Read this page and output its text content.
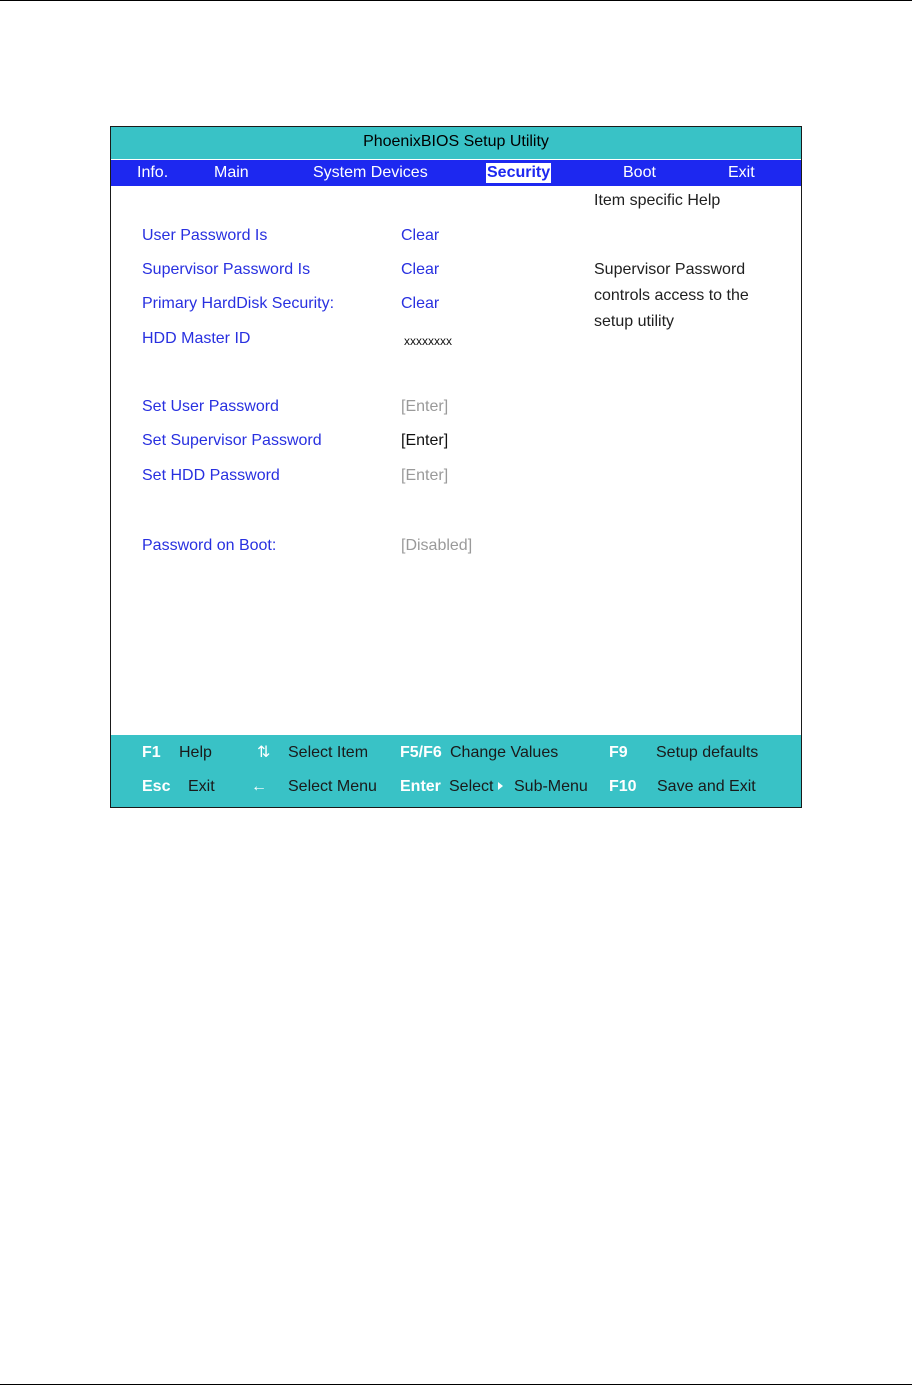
PhoenixBIOS Setup Utility
Info.	Main	System Devices	Security	Boot	Exit
User Password Is	Clear
Supervisor Password Is	Clear
Primary HardDisk Security:	Clear
HDD Master ID	xxxxxxxx
Set User Password	[Enter]
Set Supervisor Password	[Enter]
Set HDD Password	[Enter]
Password on Boot:	[Disabled]
Item specific Help
Supervisor Password
controls access to the
setup utility
F1 Help	⇅ Select Item F5/F6 Change Values	F9 Setup defaults
Esc Exit ← Select Menu Enter Select Sub-Menu F10 Save and Exit
